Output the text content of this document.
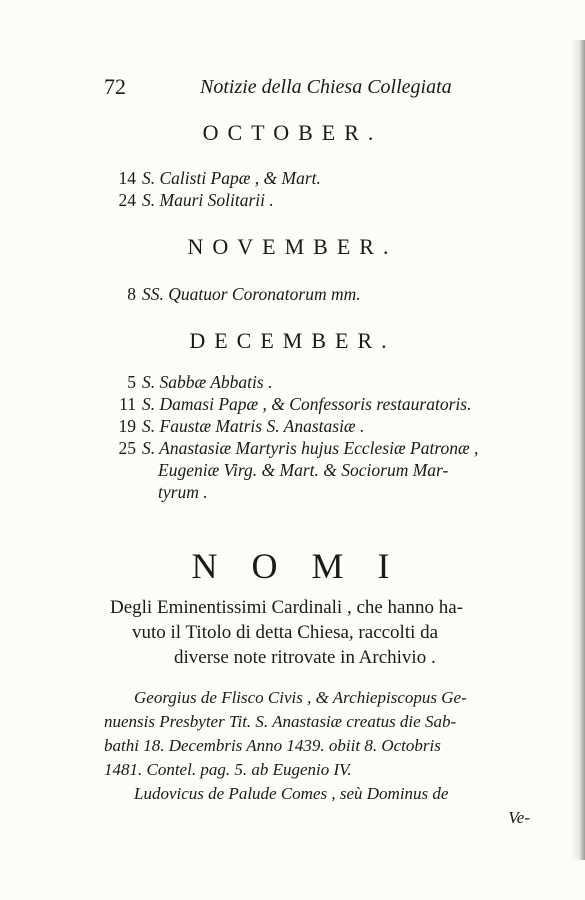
72	Notizie della Chiesa Collegiata
OCTOBER.
14 S. Calisti Papæ , & Mart.
24 S. Mauri Solitarii .
NOVEMBER.
8 SS. Quatuor Coronatorum mm.
DECEMBER.
5 S. Sabbæ Abbatis .
11 S. Damasi Papæ , & Confessoris restauratoris.
19 S. Faustæ Matris S. Anastasiæ .
25 S. Anastasiæ Martyris hujus Ecclesiæ Patronæ ,
Eugeniæ Virg. & Mart. & Sociorum Mar-
tyrum .
NOMI
Degli Eminentissimi Cardinali , che hanno ha-
vuto il Titolo di detta Chiesa, raccolti da
diverse note ritrovate in Archivio .
Georgius de Flisco Civis , & Archiepiscopus Ge-
nuensis Presbyter Tit. S. Anastasiæ creatus die Sab-
bathi 18. Decembris Anno 1439. obiit 8. Octobris
1481. Contel. pag. 5. ab Eugenio IV.
Ludovicus de Paludе Comes , seù Dominus de
Ve-
